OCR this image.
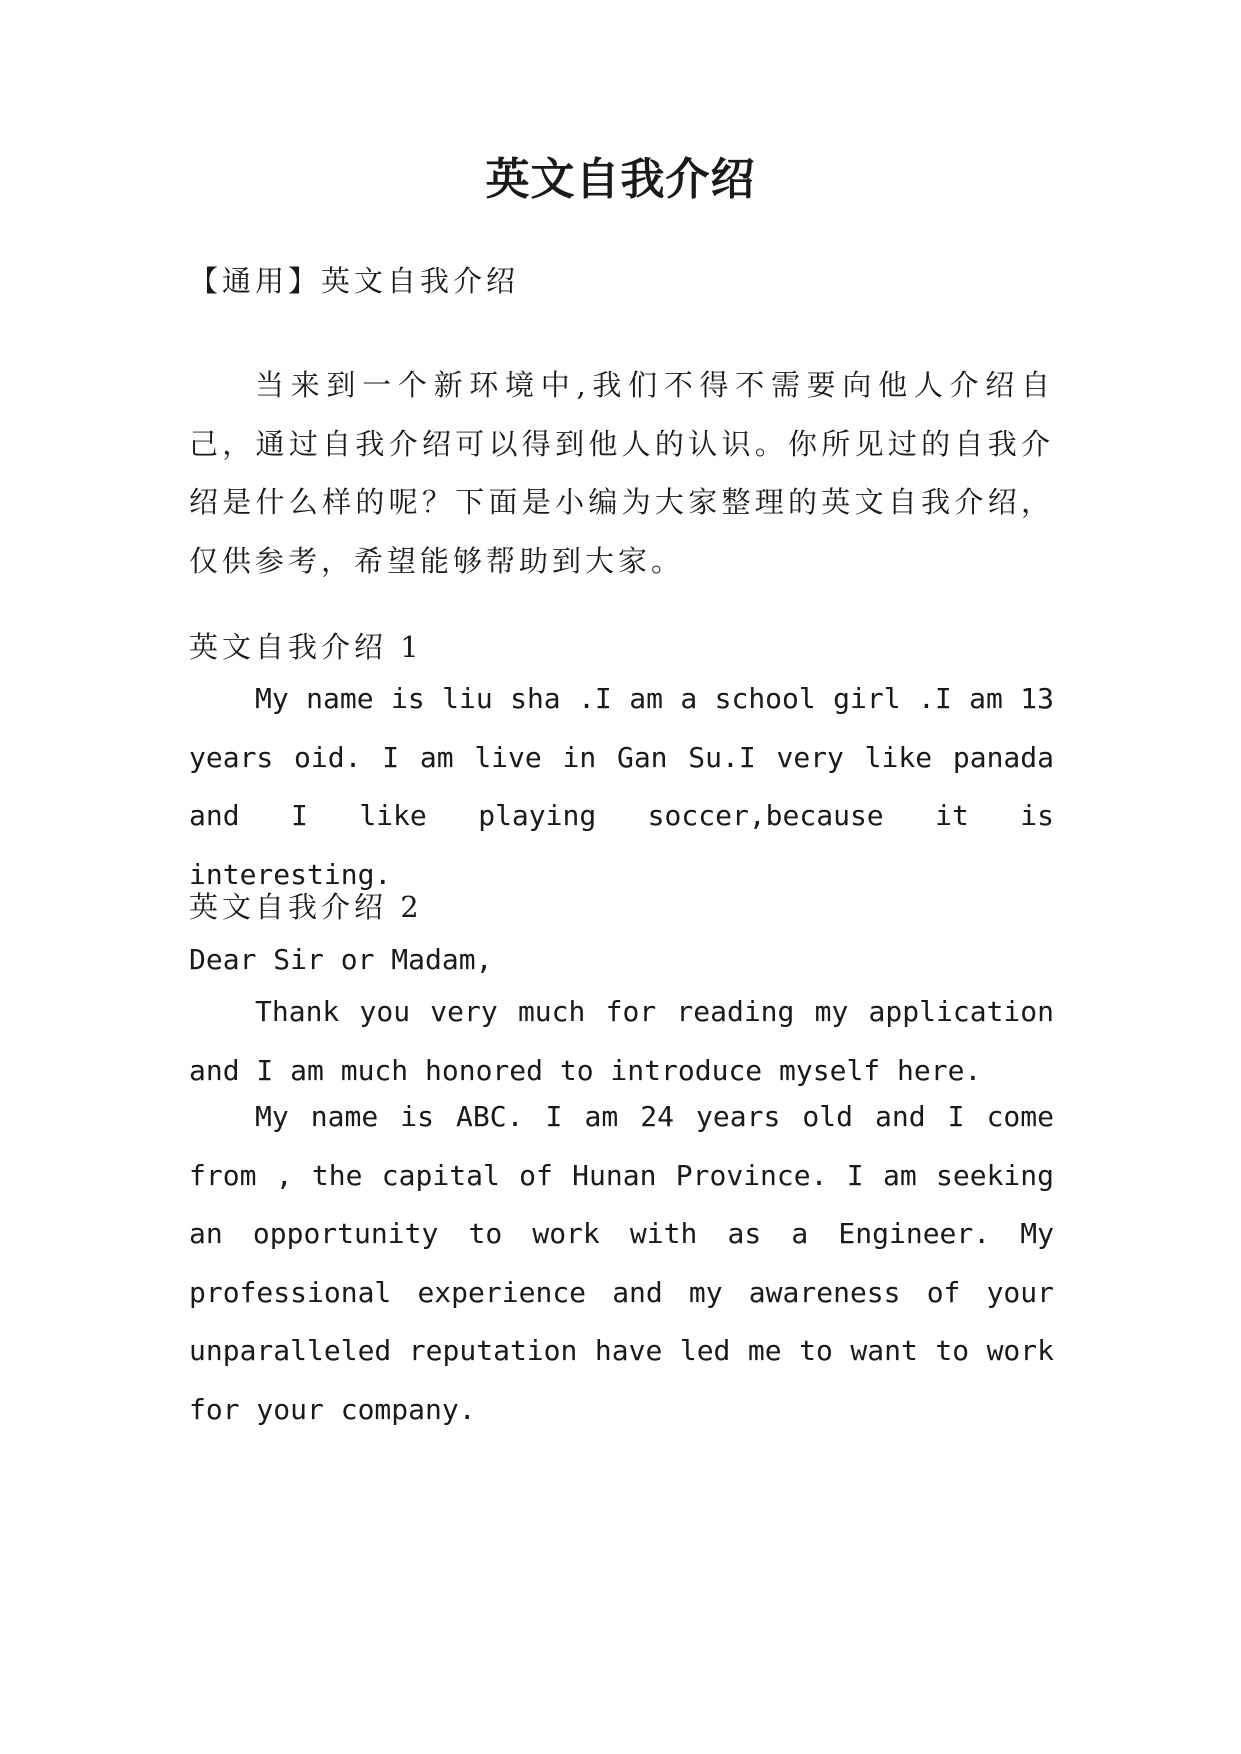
英文自我介绍
【通用】英文自我介绍
当来到一个新环境中,我们不得不需要向他人介绍自己，通过自我介绍可以得到他人的认识。你所见过的自我介绍是什么样的呢？下面是小编为大家整理的英文自我介绍，仅供参考，希望能够帮助到大家。
英文自我介绍 1
My name is liu sha .I am a school girl .I am 13 years oid. I am live in Gan Su.I very like panada and I like playing soccer,because it is interesting.
英文自我介绍 2
Dear Sir or Madam,
Thank you very much for reading my application and I am much honored to introduce myself here.
My name is ABC. I am 24 years old and I come from , the capital of Hunan Province. I am seeking an opportunity to work with as a Engineer. My professional experience and my awareness of your unparalleled reputation have led me to want to work for your company.
